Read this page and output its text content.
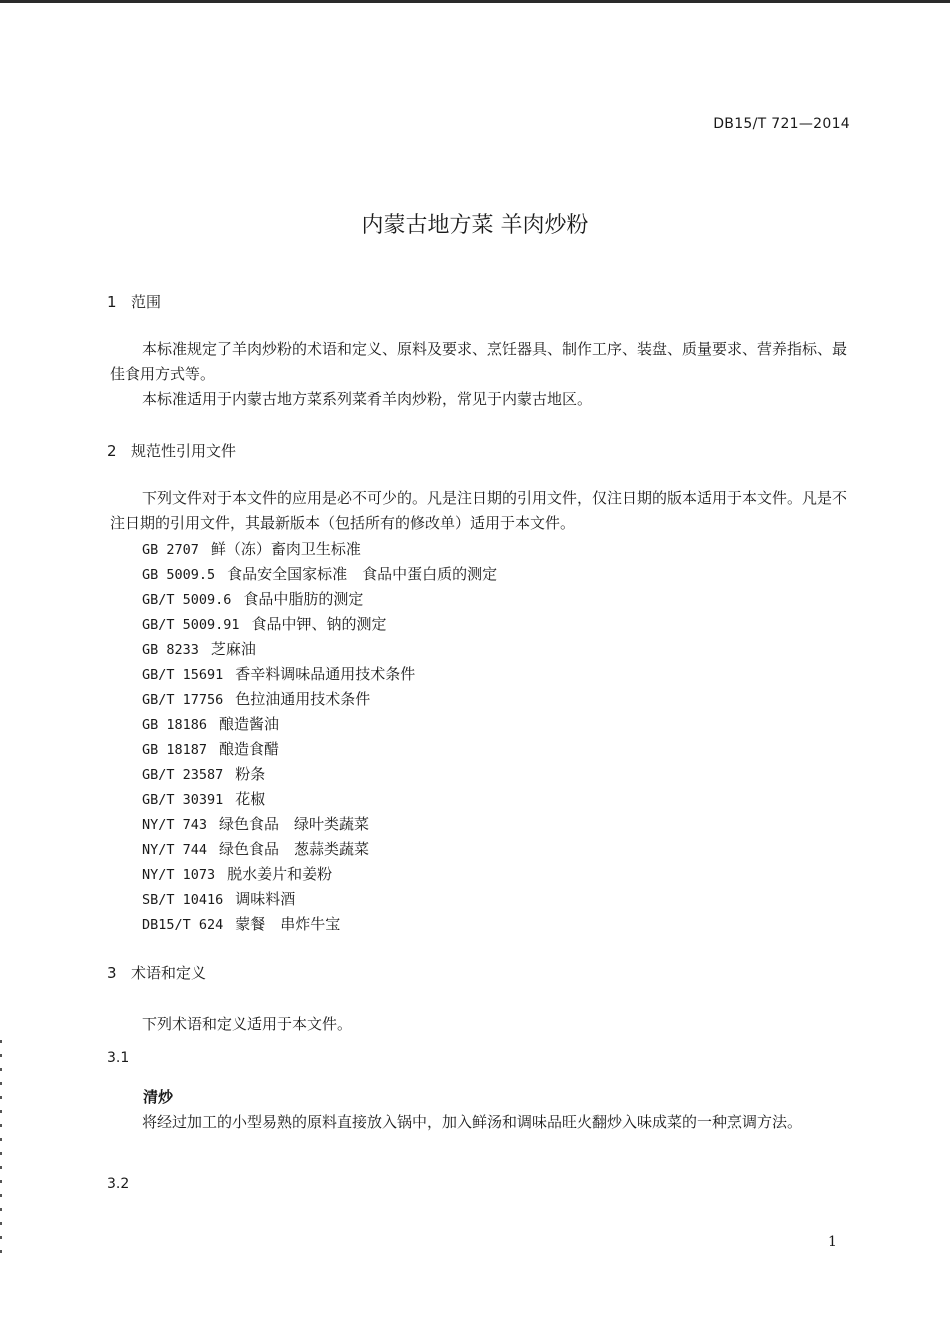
DB15/T 721—2014
内蒙古地方菜 羊肉炒粉
1 范围
本标准规定了羊肉炒粉的术语和定义、原料及要求、烹饪器具、制作工序、装盘、质量要求、营养指标、最佳食用方式等。
本标准适用于内蒙古地方菜系列菜肴羊肉炒粉，常见于内蒙古地区。
2 规范性引用文件
下列文件对于本文件的应用是必不可少的。凡是注日期的引用文件，仅注日期的版本适用于本文件。凡是不注日期的引用文件，其最新版本（包括所有的修改单）适用于本文件。
GB 2707 鲜（冻）畜肉卫生标准
GB 5009.5 食品安全国家标准　食品中蛋白质的测定
GB/T 5009.6 食品中脂肪的测定
GB/T 5009.91 食品中钾、钠的测定
GB 8233 芝麻油
GB/T 15691 香辛料调味品通用技术条件
GB/T 17756 色拉油通用技术条件
GB 18186 酿造酱油
GB 18187 酿造食醋
GB/T 23587 粉条
GB/T 30391 花椒
NY/T 743 绿色食品　绿叶类蔬菜
NY/T 744 绿色食品　葱蒜类蔬菜
NY/T 1073 脱水姜片和姜粉
SB/T 10416 调味料酒
DB15/T 624 蒙餐　串炸牛宝
3 术语和定义
下列术语和定义适用于本文件。
3.1
清炒
将经过加工的小型易熟的原料直接放入锅中，加入鲜汤和调味品旺火翻炒入味成菜的一种烹调方法。
3.2
1
